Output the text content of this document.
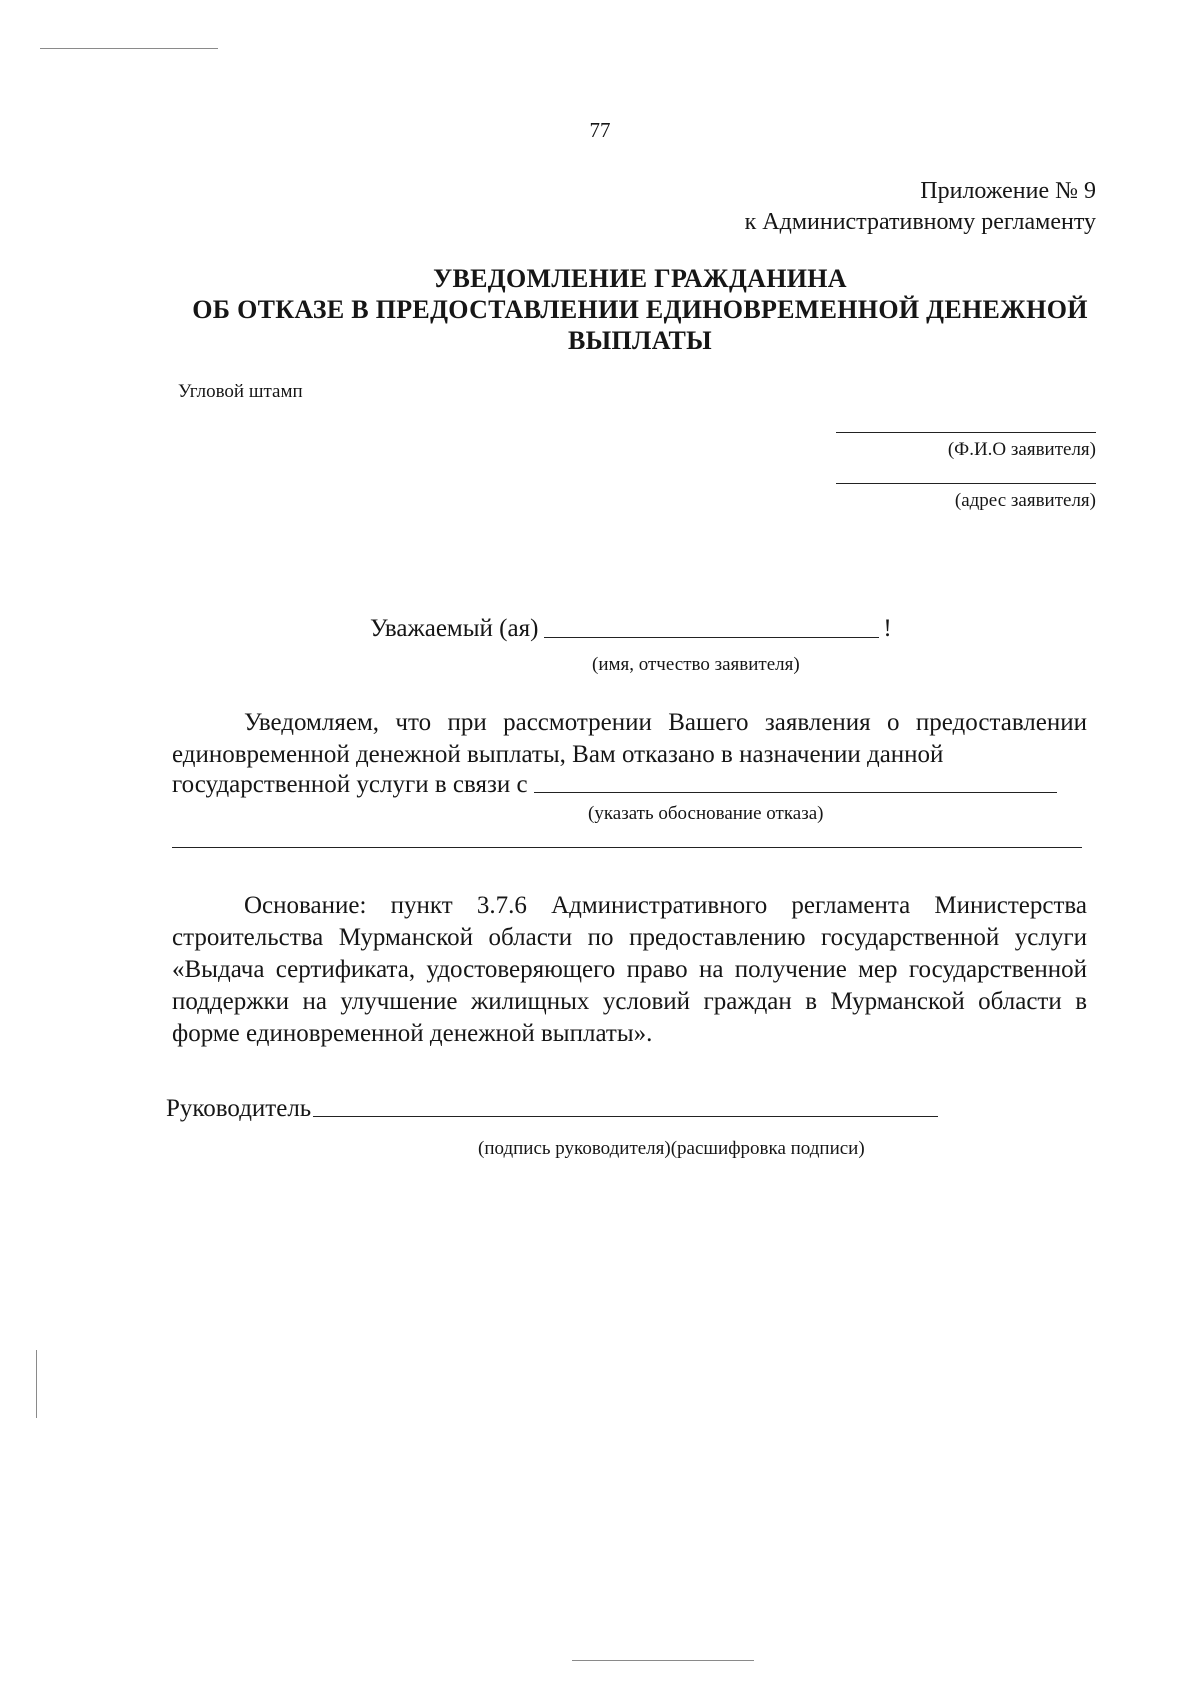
77
Приложение № 9
к Административному регламенту
УВЕДОМЛЕНИЕ ГРАЖДАНИНА
ОБ ОТКАЗЕ В ПРЕДОСТАВЛЕНИИ ЕДИНОВРЕМЕННОЙ ДЕНЕЖНОЙ
ВЫПЛАТЫ
Угловой штамп
(Ф.И.О заявителя)
(адрес заявителя)
Уважаемый (ая)	!
(имя, отчество заявителя)
Уведомляем, что при рассмотрении Вашего заявления о предоставлении единовременной денежной выплаты, Вам отказано в назначении данной
государственной услуги в связи с
(указать обоснование отказа)
Основание: пункт 3.7.6 Административного регламента Министерства строительства Мурманской области по предоставлению государственной услуги «Выдача сертификата, удостоверяющего право на получение мер государственной поддержки на улучшение жилищных условий граждан в Мурманской области в форме единовременной денежной выплаты».
Руководитель
(подпись руководителя)(расшифровка подписи)
